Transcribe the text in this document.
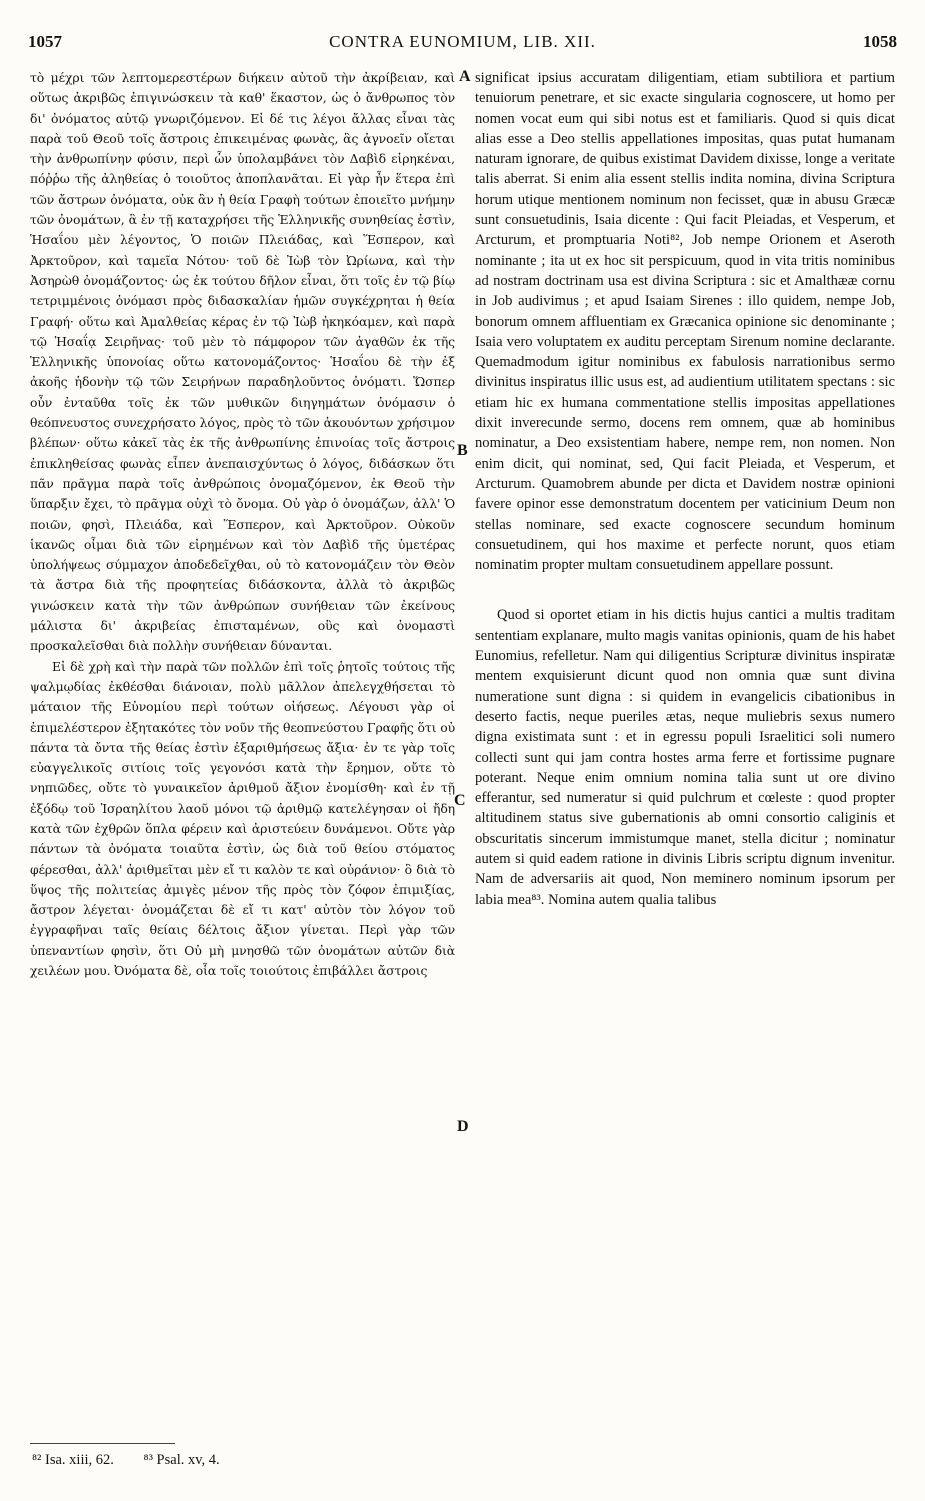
1057	CONTRA EUNOMIUM, LIB. XII.	1058

τὸ μέχρι τῶν λεπτομερεστέρων διήκειν αὐτοῦ τὴν ἀκρίβειαν, καὶ οὕτως ἀκριβῶς ἐπιγινώσκειν τὰ καθ' ἕκαστον, ὡς ὁ ἄνθρωπος τὸν δι' ὀνόματος αὐτῷ γνωριζόμενον. Εἰ δέ τις λέγοι ἄλλας εἶναι τὰς παρὰ τοῦ Θεοῦ τοῖς ἄστροις ἐπικειμένας φωνὰς, ἃς ἀγνοεῖν οἴεται τὴν ἀνθρωπίνην φύσιν, περὶ ὧν ὑπολαμβάνει τὸν Δαβὶδ εἰρηκέναι, πόῤῥω τῆς ἀληθείας ὁ τοιοῦτος ἀποπλανᾶται. Εἰ γὰρ ἦν ἕτερα ἐπὶ τῶν ἄστρων ὀνόματα, οὐκ ἂν ἡ θεία Γραφὴ τούτων ἐποιεῖτο μνήμην τῶν ὀνομάτων, ἃ ἐν τῇ καταχρήσει τῆς Ἑλληνικῆς συνηθείας ἐστὶν, Ἡσαΐου μὲν λέγοντος, Ὁ ποιῶν Πλειάδας, καὶ Ἕσπερον, καὶ Ἀρκτοῦρον, καὶ ταμεῖα Νότου· τοῦ δὲ Ἰὼβ τὸν Ὠρίωνα, καὶ τὴν Ἀσηρὼθ ὀνομάζοντος· ὡς ἐκ τούτου δῆλον εἶναι, ὅτι τοῖς ἐν τῷ βίῳ τετριμμένοις ὀνόμασι πρὸς διδασκαλίαν ἡμῶν συγκέχρηται ἡ θεία Γραφή· οὕτω καὶ Ἀμαλθείας κέρας ἐν τῷ Ἰὼβ ἠκηκόαμεν, καὶ παρὰ τῷ Ἡσαΐᾳ Σειρῆνας· τοῦ μὲν τὸ πάμφορον τῶν ἀγαθῶν ἐκ τῆς Ἑλληνικῆς ὑπονοίας οὕτω κατονομάζοντος· Ἡσαΐου δὲ τὴν ἐξ ἀκοῆς ἡδονὴν τῷ τῶν Σειρήνων παραδηλοῦντος ὀνόματι. Ὥσπερ οὖν ἐνταῦθα τοῖς ἐκ τῶν μυθικῶν διηγημάτων ὀνόμασιν ὁ θεόπνευστος συνεχρήσατο λόγος, πρὸς τὸ τῶν ἀκουόντων χρήσιμον βλέπων· οὕτω κἀκεῖ τὰς ἐκ τῆς ἀνθρωπίνης ἐπινοίας τοῖς ἄστροις ἐπικληθείσας φωνὰς εἶπεν ἀνεπαισχύντως ὁ λόγος, διδάσκων ὅτι πᾶν πρᾶγμα παρὰ τοῖς ἀνθρώποις ὀνομαζόμενον, ἐκ Θεοῦ τὴν ὕπαρξιν ἔχει, τὸ πρᾶγμα οὐχὶ τὸ ὄνομα. Οὐ γὰρ ὁ ὀνομάζων, ἀλλ' Ὁ ποιῶν, φησὶ, Πλειάδα, καὶ Ἕσπερον, καὶ Ἀρκτοῦρον. Οὐκοῦν ἱκανῶς οἶμαι διὰ τῶν εἰρημένων καὶ τὸν Δαβὶδ τῆς ὑμετέρας ὑπολήψεως σύμμαχον ἀποδεδεῖχθαι, οὐ τὸ κατονομάζειν τὸν Θεὸν τὰ ἄστρα διὰ τῆς προφητείας διδάσκοντα, ἀλλὰ τὸ ἀκριβῶς γινώσκειν κατὰ τὴν τῶν ἀνθρώπων συνήθειαν τῶν ἐκείνους μάλιστα δι' ἀκριβείας ἐπισταμένων, οὓς καὶ ὀνομαστὶ προσκαλεῖσθαι διὰ πολλὴν συνήθειαν δύνανται.

Εἰ δὲ χρὴ καὶ τὴν παρὰ τῶν πολλῶν ἐπὶ τοῖς ῥητοῖς τούτοις τῆς ψαλμῳδίας ἐκθέσθαι διάνοιαν, πολὺ μᾶλλον ἀπελεγχθήσεται τὸ μάταιον τῆς Εὐνομίου περὶ τούτων οἰήσεως. Λέγουσι γὰρ οἱ ἐπιμελέστερον ἐξητακότες τὸν νοῦν τῆς θεοπνεύστου Γραφῆς ὅτι οὐ πάντα τὰ ὄντα τῆς θείας ἐστὶν ἐξαριθμήσεως ἄξια· ἐν τε γὰρ τοῖς εὐαγγελικοῖς σιτίοις τοῖς γεγονόσι κατὰ τὴν ἔρημον, οὔτε τὸ νηπιῶδες, οὔτε τὸ γυναικεῖον ἀριθμοῦ ἄξιον ἐνομίσθη· καὶ ἐν τῇ ἐξόδῳ τοῦ Ἰσραηλίτου λαοῦ μόνοι τῷ ἀριθμῷ κατελέγησαν οἱ ἤδη κατὰ τῶν ἐχθρῶν ὅπλα φέρειν καὶ ἀριστεύειν δυνάμενοι. Οὔτε γὰρ πάντων τὰ ὀνόματα τοιαῦτα ἐστὶν, ὡς διὰ τοῦ θείου στόματος φέρεσθαι, ἀλλ' ἀριθμεῖται μὲν εἴ τι καλὸν τε καὶ οὐράνιον· ὃ διὰ τὸ ὕψος τῆς πολιτείας ἀμιγὲς μένον τῆς πρὸς τὸν ζόφον ἐπιμιξίας, ἄστρον λέγεται· ὀνομάζεται δὲ εἴ τι κατ' αὐτὸν τὸν λόγον τοῦ ἐγγραφῆναι ταῖς θείαις δέλτοις ἄξιον γίνεται. Περὶ γὰρ τῶν ὑπεναντίων φησὶν, ὅτι Οὐ μὴ μνησθῶ τῶν ὀνομάτων αὐτῶν διὰ χειλέων μου. Ὀνόματα δὲ, οἷα τοῖς τοιούτοις ἐπιβάλλει ἄστροις

A
B
C
D

significat ipsius accuratam diligentiam, etiam subtiliora et partium tenuiorum penetrare, et sic exacte singularia cognoscere, ut homo per nomen vocat eum qui sibi notus est et familiaris. Quod si quis dicat alias esse a Deo stellis appellationes impositas, quas putat humanam naturam ignorare, de quibus existimat Davidem dixisse, longe a veritate talis aberrat. Si enim alia essent stellis indita nomina, divina Scriptura horum utique mentionem nominum non fecisset, quæ in abusu Græcæ sunt consuetudinis, Isaia dicente : Qui facit Pleiadas, et Vesperum, et Arcturum, et promptuaria Noti⁸², Job nempe Orionem et Aseroth nominante ; ita ut ex hoc sit perspicuum, quod in vita tritis nominibus ad nostram doctrinam usa est divina Scriptura : sic et Amalthææ cornu in Job audivimus ; et apud Isaiam Sirenes : illo quidem, nempe Job, bonorum omnem affluentiam ex Græcanica opinione sic denominante ; Isaia vero voluptatem ex auditu perceptam Sirenum nomine declarante. Quemadmodum igitur nominibus ex fabulosis narrationibus sermo divinitus inspiratus illic usus est, ad audientium utilitatem spectans : sic etiam hic ex humana commentatione stellis impositas appellationes dixit inverecunde sermo, docens rem omnem, quæ ab hominibus nominatur, a Deo exsistentiam habere, nempe rem, non nomen. Non enim dicit, qui nominat, sed, Qui facit Pleiada, et Vesperum, et Arcturum. Quamobrem abunde per dicta et Davidem nostræ opinioni favere opinor esse demonstratum docentem per vaticinium Deum non stellas nominare, sed exacte cognoscere secundum hominum consuetudinem, qui hos maxime et perfecte norunt, quos etiam nominatim propter multam consuetudinem appellare possunt.

Quod si oportet etiam in his dictis hujus cantici a multis traditam sententiam explanare, multo magis vanitas opinionis, quam de his habet Eunomius, refelletur. Nam qui diligentius Scripturæ divinitus inspiratæ mentem exquisierunt dicunt quod non omnia quæ sunt divina numeratione sunt digna : si quidem in evangelicis cibationibus in deserto factis, neque pueriles ætas, neque muliebris sexus numero digna existimata sunt : et in egressu populi Israelitici soli numero collecti sunt qui jam contra hostes arma ferre et fortissime pugnare poterant. Neque enim omnium nomina talia sunt ut ore divino efferantur, sed numeratur si quid pulchrum et cœleste : quod propter altitudinem status sive gubernationis ab omni consortio caliginis et obscuritatis sincerum immistumque manet, stella dicitur ; nominatur autem si quid eadem ratione in divinis Libris scriptu dignum invenitur. Nam de adversariis ait quod, Non meminero nominum ipsorum per labia mea⁸³. Nomina autem qualia talibus

⁸² Isa. xiii, 62. ⁸³ Psal. xv, 4.
